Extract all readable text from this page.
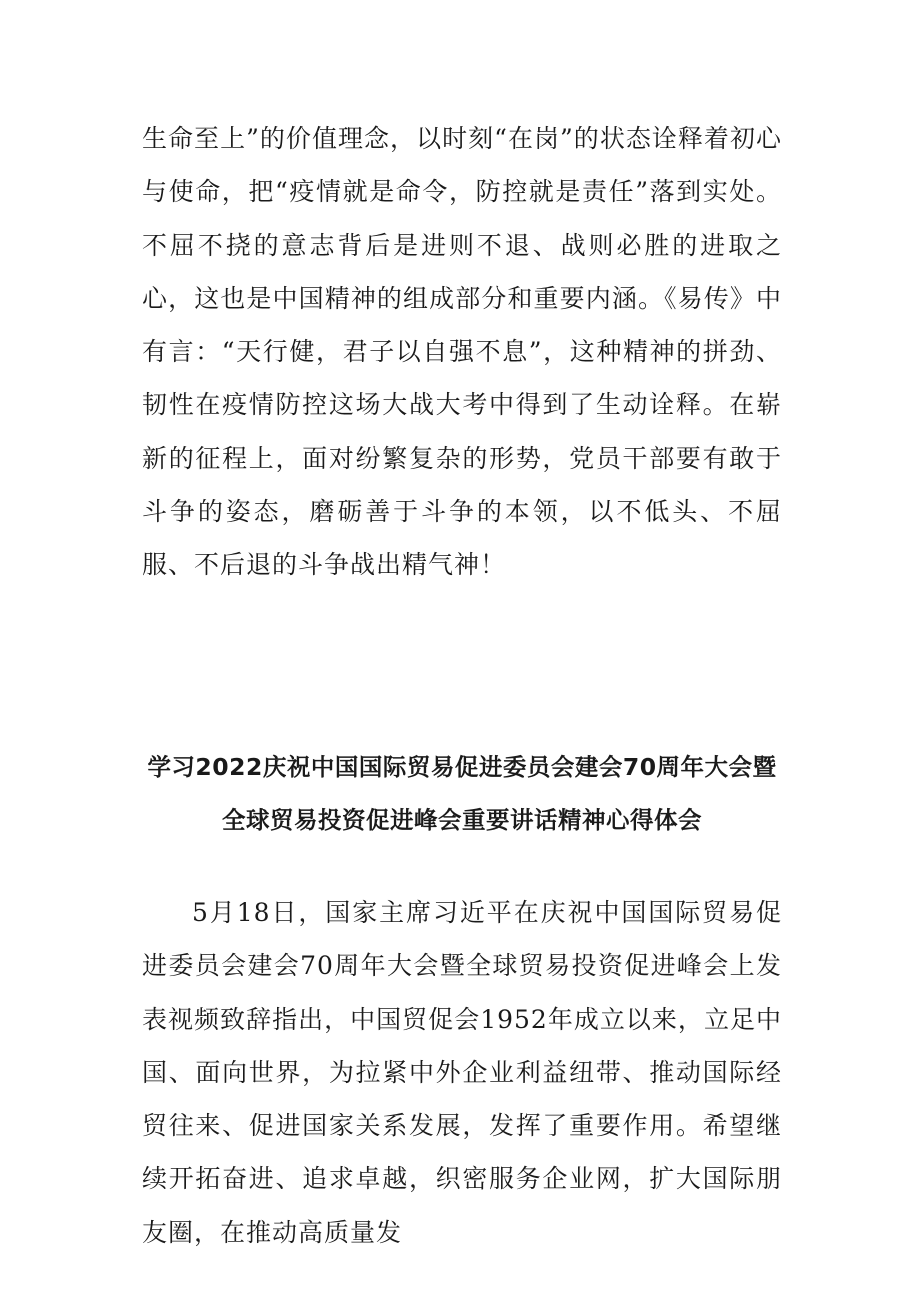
生命至上”的价值理念，以时刻“在岗”的状态诠释着初心与使命，把“疫情就是命令，防控就是责任”落到实处。不屈不挠的意志背后是进则不退、战则必胜的进取之心，这也是中国精神的组成部分和重要内涵。《易传》中有言：“天行健，君子以自强不息”，这种精神的拼劲、韧性在疫情防控这场大战大考中得到了生动诠释。在崭新的征程上，面对纷繁复杂的形势，党员干部要有敢于斗争的姿态，磨砺善于斗争的本领，以不低头、不屈服、不后退的斗争战出精气神！

学习2022庆祝中国国际贸易促进委员会建会70周年大会暨
全球贸易投资促进峰会重要讲话精神心得体会

5月18日，国家主席习近平在庆祝中国国际贸易促进委员会建会70周年大会暨全球贸易投资促进峰会上发表视频致辞指出，中国贸促会1952年成立以来，立足中国、面向世界，为拉紧中外企业利益纽带、推动国际经贸往来、促进国家关系发展，发挥了重要作用。希望继续开拓奋进、追求卓越，织密服务企业网，扩大国际朋友圈，在推动高质量发
